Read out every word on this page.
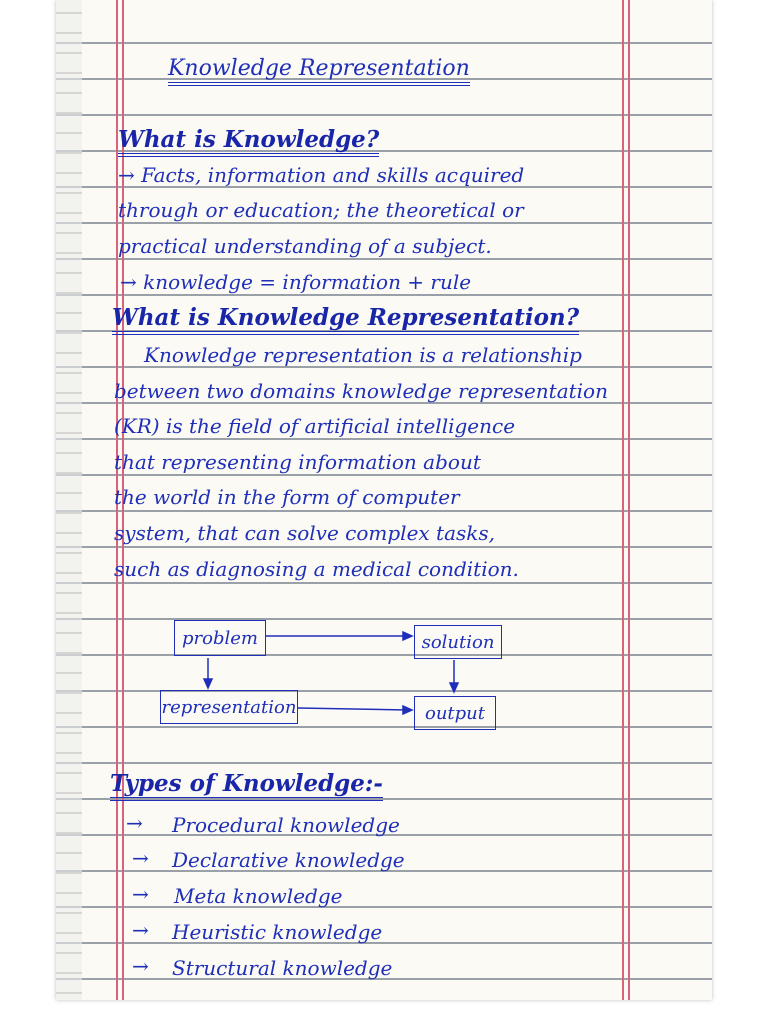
Knowledge Representation
What is Knowledge?
→ Facts, information and skills acquired
through or education; the theoretical or
practical understanding of a subject.
→ knowledge = information + rule
What is Knowledge Representation?
Knowledge representation is a relationship
between two domains knowledge representation
(KR) is the field of artificial intelligence
that representing information about
the world in the form of computer
system, that can solve complex tasks,
such as diagnosing a medical condition.
problem	solution
representation	output
Types of Knowledge:-
→ Procedural knowledge
→ Declarative knowledge
→ Meta knowledge
→ Heuristic knowledge
→ Structural knowledge
